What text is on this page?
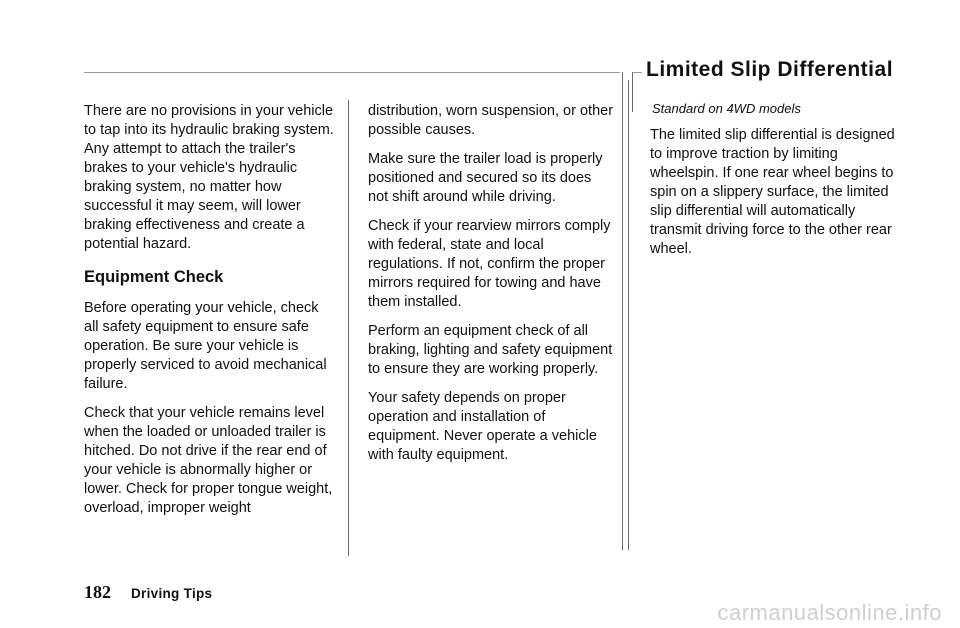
There are no provisions in your vehicle to tap into its hydraulic braking system. Any attempt to attach the trailer's brakes to your vehicle's hydraulic braking system, no matter how successful it may seem, will lower braking effectiveness and create a potential hazard.

Equipment Check

Before operating your vehicle, check all safety equipment to ensure safe operation. Be sure your vehicle is properly serviced to avoid mechanical failure.

Check that your vehicle remains level when the loaded or unloaded trailer is hitched. Do not drive if the rear end of your vehicle is abnormally higher or lower. Check for proper tongue weight, overload, improper weight

distribution, worn suspension, or other possible causes.

Make sure the trailer load is properly positioned and secured so its does not shift around while driving.

Check if your rearview mirrors comply with federal, state and local regulations. If not, confirm the proper mirrors required for towing and have them installed.

Perform an equipment check of all braking, lighting and safety equipment to ensure they are working properly.

Your safety depends on proper operation and installation of equipment. Never operate a vehicle with faulty equipment.

Limited Slip Differential
Standard on 4WD models

The limited slip differential is designed to improve traction by limiting wheelspin. If one rear wheel begins to spin on a slippery surface, the limited slip differential will automatically transmit driving force to the other rear wheel.

182 Driving Tips
carmanualsonline.info
